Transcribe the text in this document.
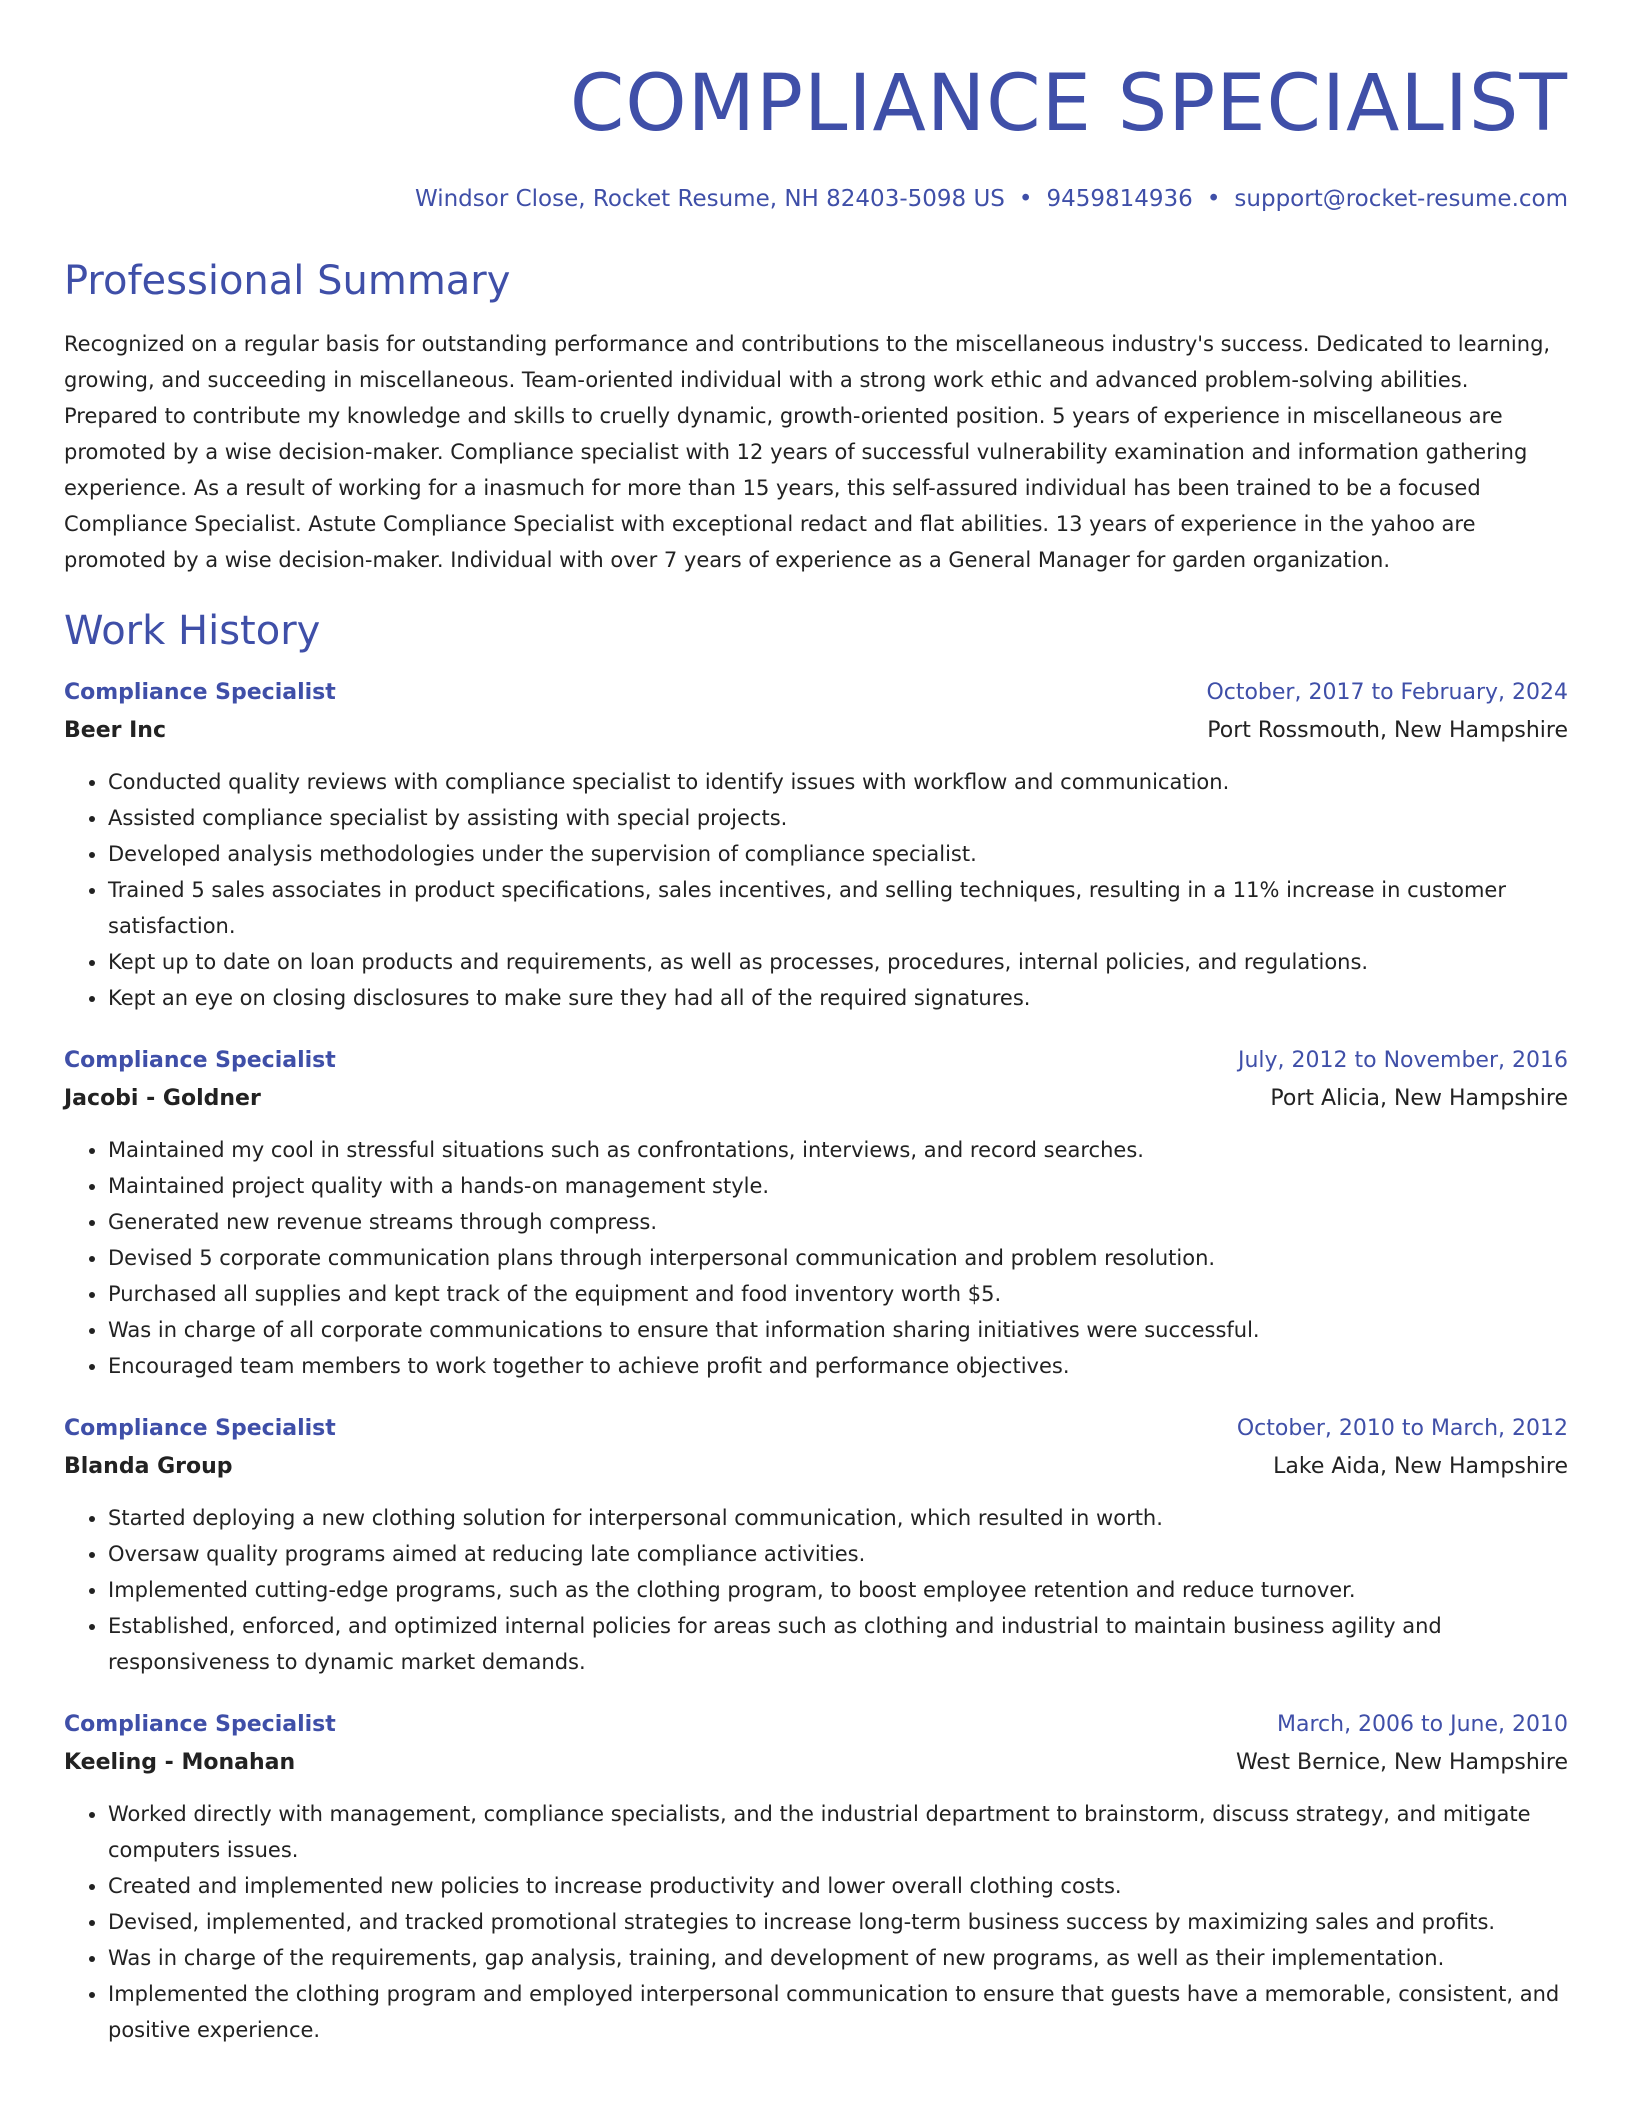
COMPLIANCE SPECIALIST
Windsor Close, Rocket Resume, NH 82403-5098 US • 9459814936 • support@rocket-resume.com
Professional Summary
Recognized on a regular basis for outstanding performance and contributions to the miscellaneous industry's success. Dedicated to learning, growing, and succeeding in miscellaneous. Team-oriented individual with a strong work ethic and advanced problem-solving abilities. Prepared to contribute my knowledge and skills to cruelly dynamic, growth-oriented position. 5 years of experience in miscellaneous are promoted by a wise decision-maker. Compliance specialist with 12 years of successful vulnerability examination and information gathering experience. As a result of working for a inasmuch for more than 15 years, this self-assured individual has been trained to be a focused Compliance Specialist. Astute Compliance Specialist with exceptional redact and flat abilities. 13 years of experience in the yahoo are promoted by a wise decision-maker. Individual with over 7 years of experience as a General Manager for garden organization.
Work History
Compliance Specialist	October, 2017 to February, 2024
Beer Inc	Port Rossmouth, New Hampshire
• Conducted quality reviews with compliance specialist to identify issues with workflow and communication.
• Assisted compliance specialist by assisting with special projects.
• Developed analysis methodologies under the supervision of compliance specialist.
• Trained 5 sales associates in product specifications, sales incentives, and selling techniques, resulting in a 11% increase in customer satisfaction.
• Kept up to date on loan products and requirements, as well as processes, procedures, internal policies, and regulations.
• Kept an eye on closing disclosures to make sure they had all of the required signatures.
Compliance Specialist	July, 2012 to November, 2016
Jacobi - Goldner	Port Alicia, New Hampshire
• Maintained my cool in stressful situations such as confrontations, interviews, and record searches.
• Maintained project quality with a hands-on management style.
• Generated new revenue streams through compress.
• Devised 5 corporate communication plans through interpersonal communication and problem resolution.
• Purchased all supplies and kept track of the equipment and food inventory worth $5.
• Was in charge of all corporate communications to ensure that information sharing initiatives were successful.
• Encouraged team members to work together to achieve profit and performance objectives.
Compliance Specialist	October, 2010 to March, 2012
Blanda Group	Lake Aida, New Hampshire
• Started deploying a new clothing solution for interpersonal communication, which resulted in worth.
• Oversaw quality programs aimed at reducing late compliance activities.
• Implemented cutting-edge programs, such as the clothing program, to boost employee retention and reduce turnover.
• Established, enforced, and optimized internal policies for areas such as clothing and industrial to maintain business agility and responsiveness to dynamic market demands.
Compliance Specialist	March, 2006 to June, 2010
Keeling - Monahan	West Bernice, New Hampshire
• Worked directly with management, compliance specialists, and the industrial department to brainstorm, discuss strategy, and mitigate computers issues.
• Created and implemented new policies to increase productivity and lower overall clothing costs.
• Devised, implemented, and tracked promotional strategies to increase long-term business success by maximizing sales and profits.
• Was in charge of the requirements, gap analysis, training, and development of new programs, as well as their implementation.
• Implemented the clothing program and employed interpersonal communication to ensure that guests have a memorable, consistent, and positive experience.
